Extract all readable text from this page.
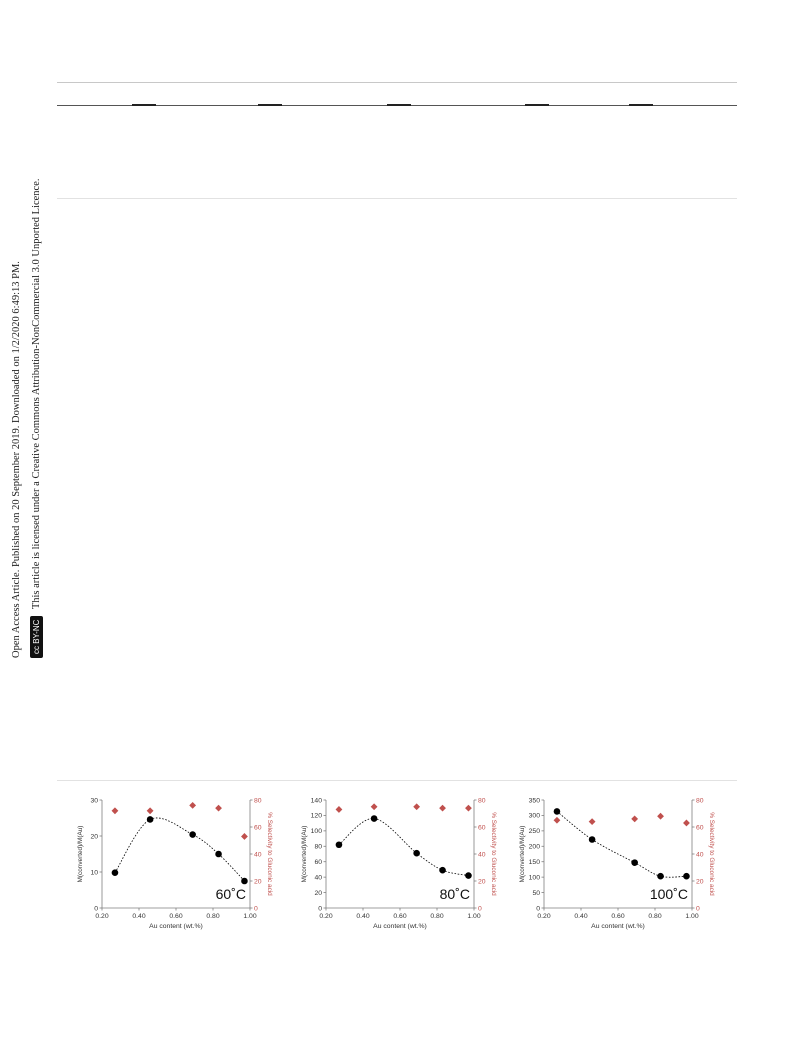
Open Access Article. Published on 20 September 2019. Downloaded on 1/2/2020 6:49:13 PM. cc BY-NC This article is licensed under a Creative Commons Attribution-NonCommercial 3.0 Unported Licence.
0.20	0.40	0.60	0.80	1.00
0
10
20
30
0
20
40
60
80
Au content (wt.%)
M(converted)/M(Au)	% Selectivity to Gluconic acid
60˚C
0.20	0.40	0.60	0.80	1.00
0
20
40
60
80
100
120
140
0
20
40
60
80
Au content (wt.%)
M(converted)/M(Au)	% Selectivity to Gluconic acid
80˚C
0.20	0.40	0.60	0.80	1.00
0
50
100
150
200
250
300
350
0
20
40
60
80
Au content (wt.%)
M(converted)/M(Au)	% Selectivity to Gluconic acid
100˚C
